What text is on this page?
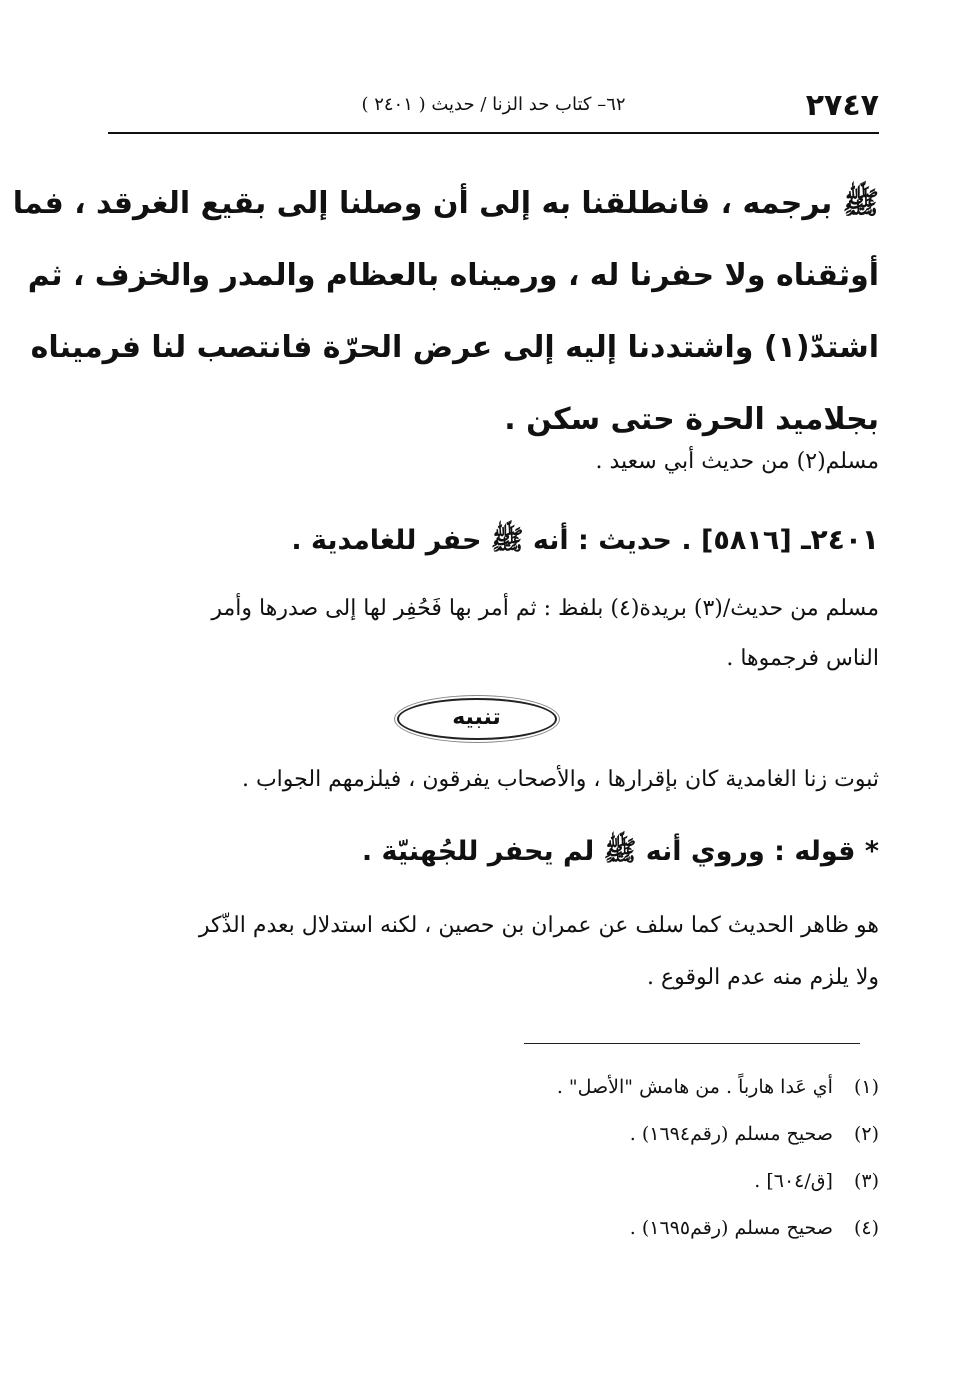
٢٧٤٧
٦٢– كتاب حد الزنا / حديث ( ٢٤٠١ )
ﷺ برجمه ، فانطلقنا به إلى أن وصلنا إلى بقيع الغرقد ، فما
أوثقناه ولا حفرنا له ، ورميناه بالعظام والمدر والخزف ، ثم
اشتدّ(١) واشتددنا إليه إلى عرض الحرّة فانتصب لنا فرميناه
بجلاميد الحرة حتى سكن .
مسلم(٢) من حديث أبي سعيد .
٢٤٠١ـ [٥٨١٦] . حديث : أنه ﷺ حفر للغامدية .
مسلم من حديث/(٣) بريدة(٤) بلفظ : ثم أمر بها فَحُفِر لها إلى صدرها وأمر
الناس فرجموها .
تنبيه
ثبوت زنا الغامدية كان بإقرارها ، والأصحاب يفرقون ، فيلزمهم الجواب .
* قوله : وروي أنه ﷺ لم يحفر للجُهنيّة .
هو ظاهر الحديث كما سلف عن عمران بن حصين ، لكنه استدلال بعدم الذّكر
ولا يلزم منه عدم الوقوع .
(١) أي عَدا هارباً . من هامش "الأصل" .
(٢) صحيح مسلم (رقم١٦٩٤) .
(٣) [ق/٦٠٤] .
(٤) صحيح مسلم (رقم١٦٩٥) .
